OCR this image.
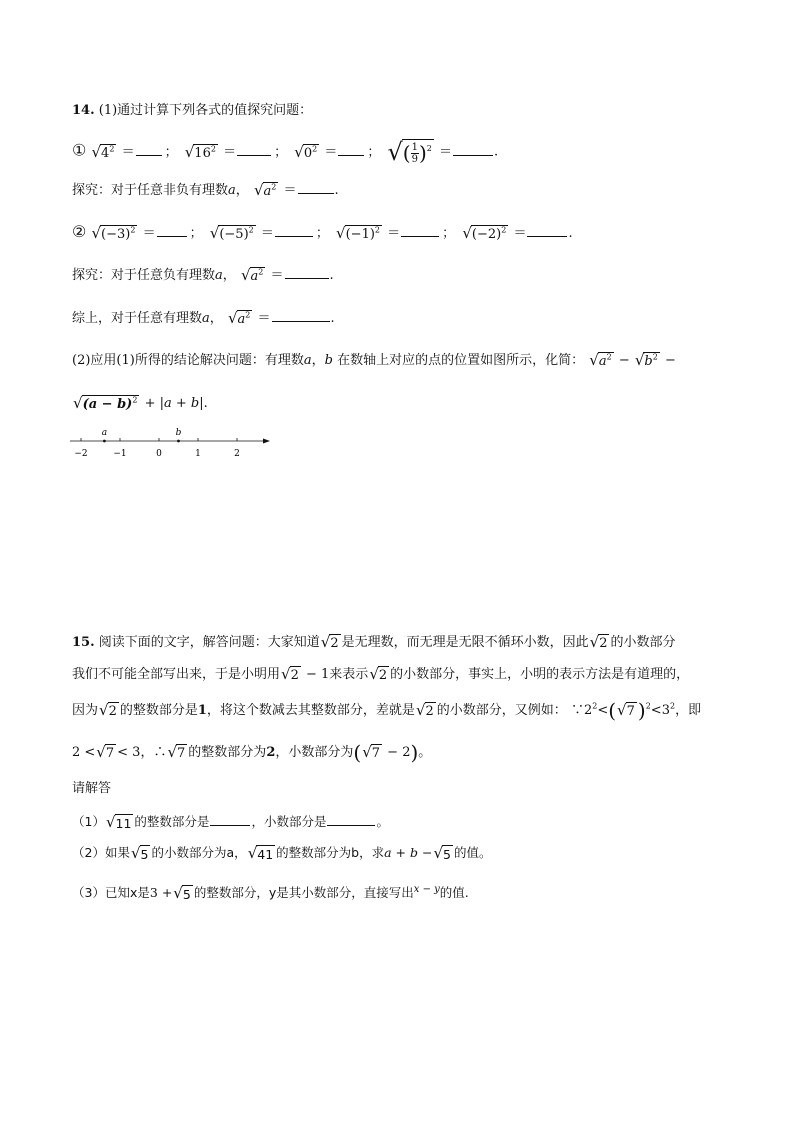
14. (1)通过计算下列各式的值探究问题：
① √ $4^2$ ＝ ； √ $16^2$ ＝	； √ $0^2$ ＝ ； √ ( $\frac{1}{9} )^2$ ＝	.
探究：对于任意非负有理数a， √ $a^2$ ＝	.
② √ $(-3)^2$ ＝	； √ $(-5)^2$ ＝	； √ $(-1)^2$ ＝	； √ $(-2)^2$ ＝	.
探究：对于任意负有理数a， √ $a^2$ ＝	.
综上，对于任意有理数a， √ $a^2$ ＝	.
(2)应用(1)所得的结论解决问题：有理数a，b 在数轴上对应的点的位置如图所示，化简： √ $a^2$ − √ $b^2$ −
√ $(a - b)^2 + |a + b|$.
−2	−1	0	1	2
a	b
15. 阅读下面的文字，解答问题：大家知道 √ 2 是无理数，而无理是无限不循环小数，因此 √ 2 的小数部分
我们不可能全部写出来，于是小明用 √ 2 − 1来表示 √ 2 的小数部分，事实上，小明的表示方法是有道理的，
因为 √ 2 的整数部分是1，将这个数减去其整数部分，差就是 √ 2 的小数部分，又例如： $\because 2^2<$( √ 7 )$^2<3^2$，即
2 < √ 7 < 3，∴ √ 7 的整数部分为2，小数部分为( √ 7 − 2)。
请解答
（1） √ 11 的整数部分是	，小数部分是	。
（2）如果 √ 5 的小数部分为a， √ 41 的整数部分为b，求a + b − √ 5 的值。
（3）已知x是3 + √ 5 的整数部分，y是其小数部分，直接写出$^{x - y}$的值.
